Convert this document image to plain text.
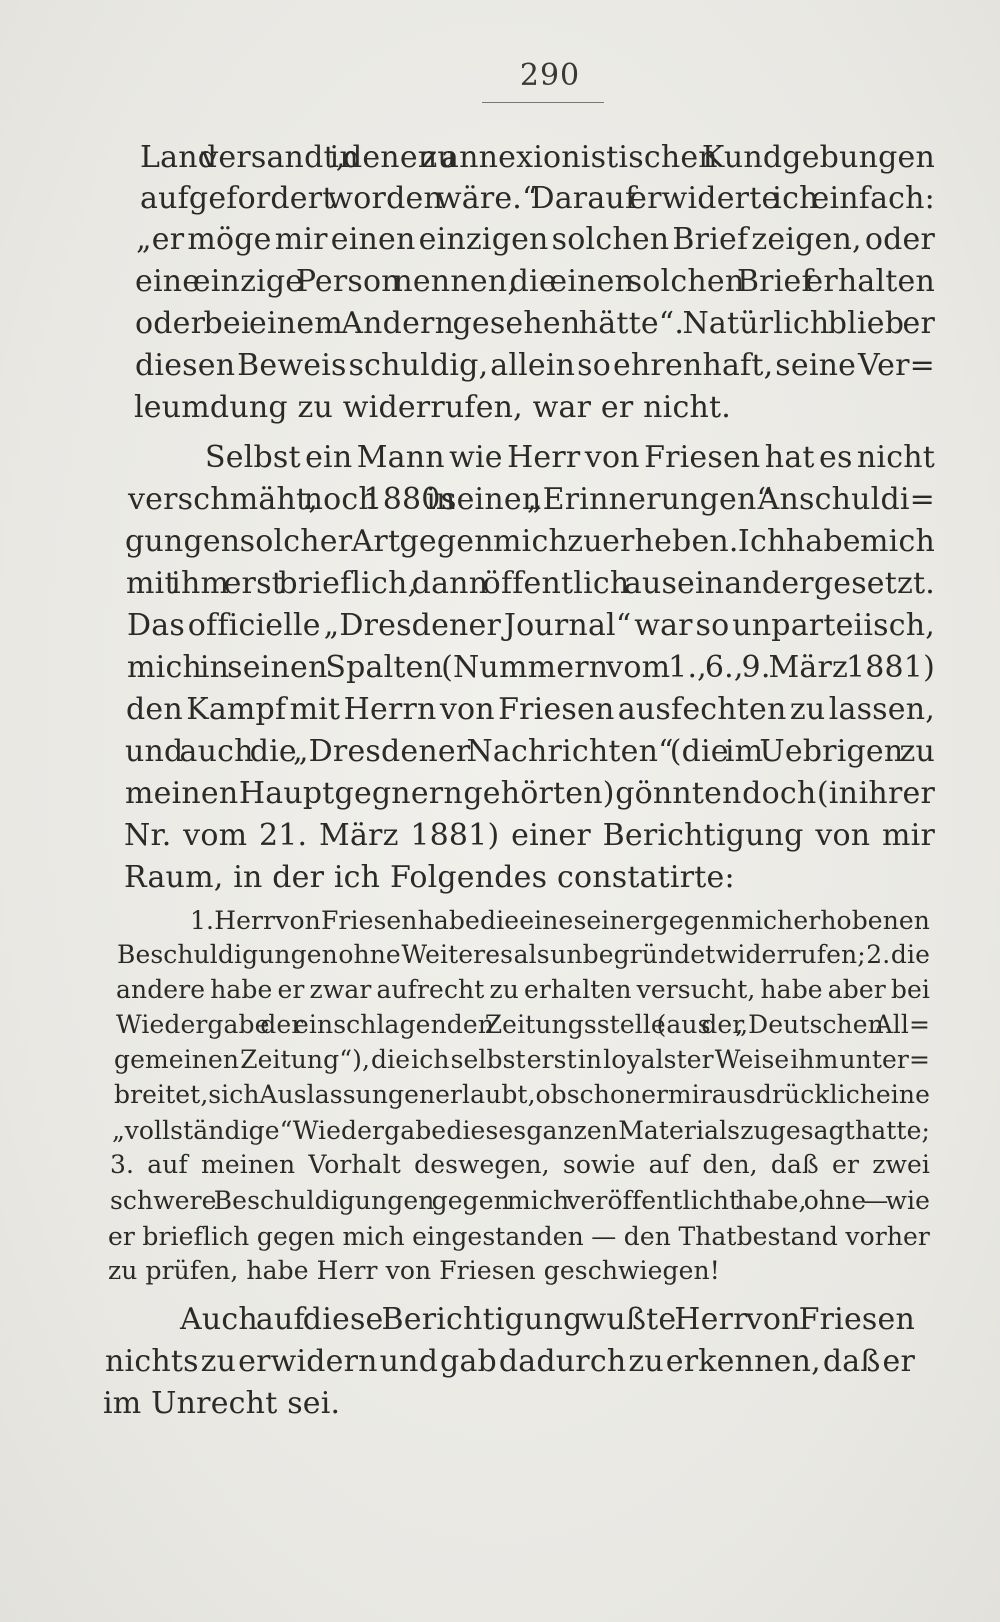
290
Land versandt, in denen zu annexionistischen Kundgebungen
aufgefordert worden wäre.“ Darauf erwiderte ich einfach:
„er möge mir einen einzigen solchen Brief zeigen, oder
eine einzige Person nennen, die einen solchen Brief erhalten
oder bei einem Andern gesehen hätte“. Natürlich blieb er
diesen Beweis schuldig, allein so ehrenhaft, seine Ver=
leumdung zu widerrufen, war er nicht.
Selbst ein Mann wie Herr von Friesen hat es nicht
verschmäht, noch 1880 in seinen „Erinnerungen“ Anschuldi=
gungen solcher Art gegen mich zu erheben. Ich habe mich
mit ihm erst brieflich, dann öffentlich auseinandergesetzt.
Das officielle „Dresdener Journal“ war so unparteiisch,
mich in seinen Spalten (Nummern vom 1., 6., 9. März 1881)
den Kampf mit Herrn von Friesen ausfechten zu lassen,
und auch die „Dresdener Nachrichten“ (die im Uebrigen zu
meinen Hauptgegnern gehörten) gönnten doch (in ihrer
Nr. vom 21. März 1881) einer Berichtigung von mir
Raum, in der ich Folgendes constatirte:
1. Herr von Friesen habe die eine seiner gegen mich erhobenen
Beschuldigungen ohne Weiteres als unbegründet widerrufen; 2. die
andere habe er zwar aufrecht zu erhalten versucht, habe aber bei
Wiedergabe der einschlagenden Zeitungsstelle (aus der „Deutschen All=
gemeinen Zeitung“), die ich selbst erst in loyalster Weise ihm unter=
breitet, sich Auslassungen erlaubt, obschon er mir ausdrücklich eine
„vollständige“ Wiedergabe dieses ganzen Materials zugesagt hatte;
3. auf meinen Vorhalt deswegen, sowie auf den, daß er zwei
schwere Beschuldigungen gegen mich veröffentlicht habe, ohne — wie
er brieflich gegen mich eingestanden — den Thatbestand vorher
zu prüfen, habe Herr von Friesen geschwiegen!
Auch auf diese Berichtigung wußte Herr von Friesen
nichts zu erwidern und gab dadurch zu erkennen, daß er
im Unrecht sei.
